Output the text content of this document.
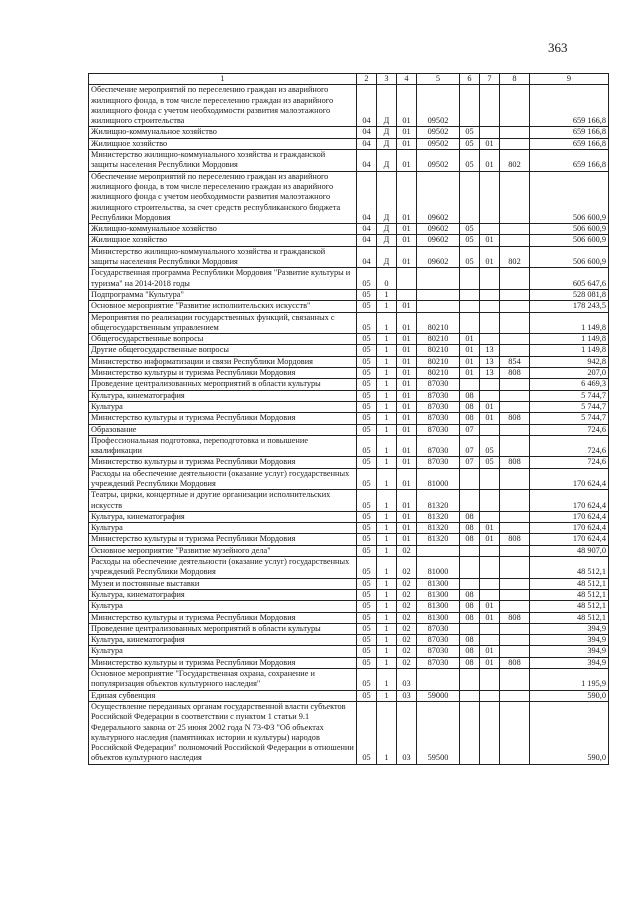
363
1	2	3	4	5	6	7	8	9
Обеспечение мероприятий по переселению граждан из аварийного жилищного фонда, в том числе переселению граждан из аварийного жилищного фонда с учетом необходимости развития малоэтажного жилищного строительства	04	Д	01	09502				659 166,8
Жилищно-коммунальное хозяйство	04	Д	01	09502	05			659 166,8
Жилищное хозяйство	04	Д	01	09502	05	01		659 166,8
Министерство жилищно-коммунального хозяйства и гражданской защиты населения Республики Мордовия	04	Д	01	09502	05	01	802	659 166,8
Обеспечение мероприятий по переселению граждан из аварийного жилищного фонда, в том числе переселению граждан из аварийного жилищного фонда с учетом необходимости развития малоэтажного жилищного строительства, за счет средств республиканского бюджета Республики Мордовия	04	Д	01	09602				506 600,9
Жилищно-коммунальное хозяйство	04	Д	01	09602	05			506 600,9
Жилищное хозяйство	04	Д	01	09602	05	01		506 600,9
Министерство жилищно-коммунального хозяйства и гражданской защиты населения Республики Мордовия	04	Д	01	09602	05	01	802	506 600,9
Государственная программа Республики Мордовия "Развитие культуры и туризма" на 2014-2018 годы	05	0						605 647,6
Подпрограмма "Культура"	05	1						528 081,8
Основное мероприятие "Развитие исполнительских искусств"	05	1	01					178 243,5
Мероприятия по реализации государственных функций, связанных с общегосударственным управлением	05	1	01	80210				1 149,8
Общегосударственные вопросы	05	1	01	80210	01			1 149,8
Другие общегосударственные вопросы	05	1	01	80210	01	13		1 149,8
Министерство информатизации и связи Республики Мордовия	05	1	01	80210	01	13	854	942,8
Министерство культуры и туризма Республики Мордовия	05	1	01	80210	01	13	808	207,0
Проведение централизованных мероприятий в области культуры	05	1	01	87030				6 469,3
Культура, кинематография	05	1	01	87030	08			5 744,7
Культура	05	1	01	87030	08	01		5 744,7
Министерство культуры и туризма Республики Мордовия	05	1	01	87030	08	01	808	5 744,7
Образование	05	1	01	87030	07			724,6
Профессиональная подготовка, переподготовка и повышение квалификации	05	1	01	87030	07	05		724,6
Министерство культуры и туризма Республики Мордовия	05	1	01	87030	07	05	808	724,6
Расходы на обеспечение деятельности (оказание услуг) государственных учреждений Республики Мордовия	05	1	01	81000				170 624,4
Театры, цирки, концертные и другие организации исполнительских искусств	05	1	01	81320				170 624,4
Культура, кинематография	05	1	01	81320	08			170 624,4
Культура	05	1	01	81320	08	01		170 624,4
Министерство культуры и туризма Республики Мордовия	05	1	01	81320	08	01	808	170 624,4
Основное мероприятие "Развитие музейного дела"	05	1	02					48 907,0
Расходы на обеспечение деятельности (оказание услуг) государственных учреждений Республики Мордовия	05	1	02	81000				48 512,1
Музеи и постоянные выставки	05	1	02	81300				48 512,1
Культура, кинематография	05	1	02	81300	08			48 512,1
Культура	05	1	02	81300	08	01		48 512,1
Министерство культуры и туризма Республики Мордовия	05	1	02	81300	08	01	808	48 512,1
Проведение централизованных мероприятий в области культуры	05	1	02	87030				394,9
Культура, кинематография	05	1	02	87030	08			394,9
Культура	05	1	02	87030	08	01		394,9
Министерство культуры и туризма Республики Мордовия	05	1	02	87030	08	01	808	394,9
Основное мероприятие "Государственная охрана, сохранение и популяризация объектов культурного наследия"	05	1	03					1 195,9
Единая субвенция	05	1	03	59000				590,0
Осуществление переданных органам государственной власти субъектов Российской Федерации в соответствии с пунктом 1 статьи 9.1 Федерального закона от 25 июня 2002 года N 73-ФЗ "Об объектах культурного наследия (памятниках истории и культуры) народов Российской Федерации" полномочий Российской Федерации в отношении объектов культурного наследия	05	1	03	59500				590,0
